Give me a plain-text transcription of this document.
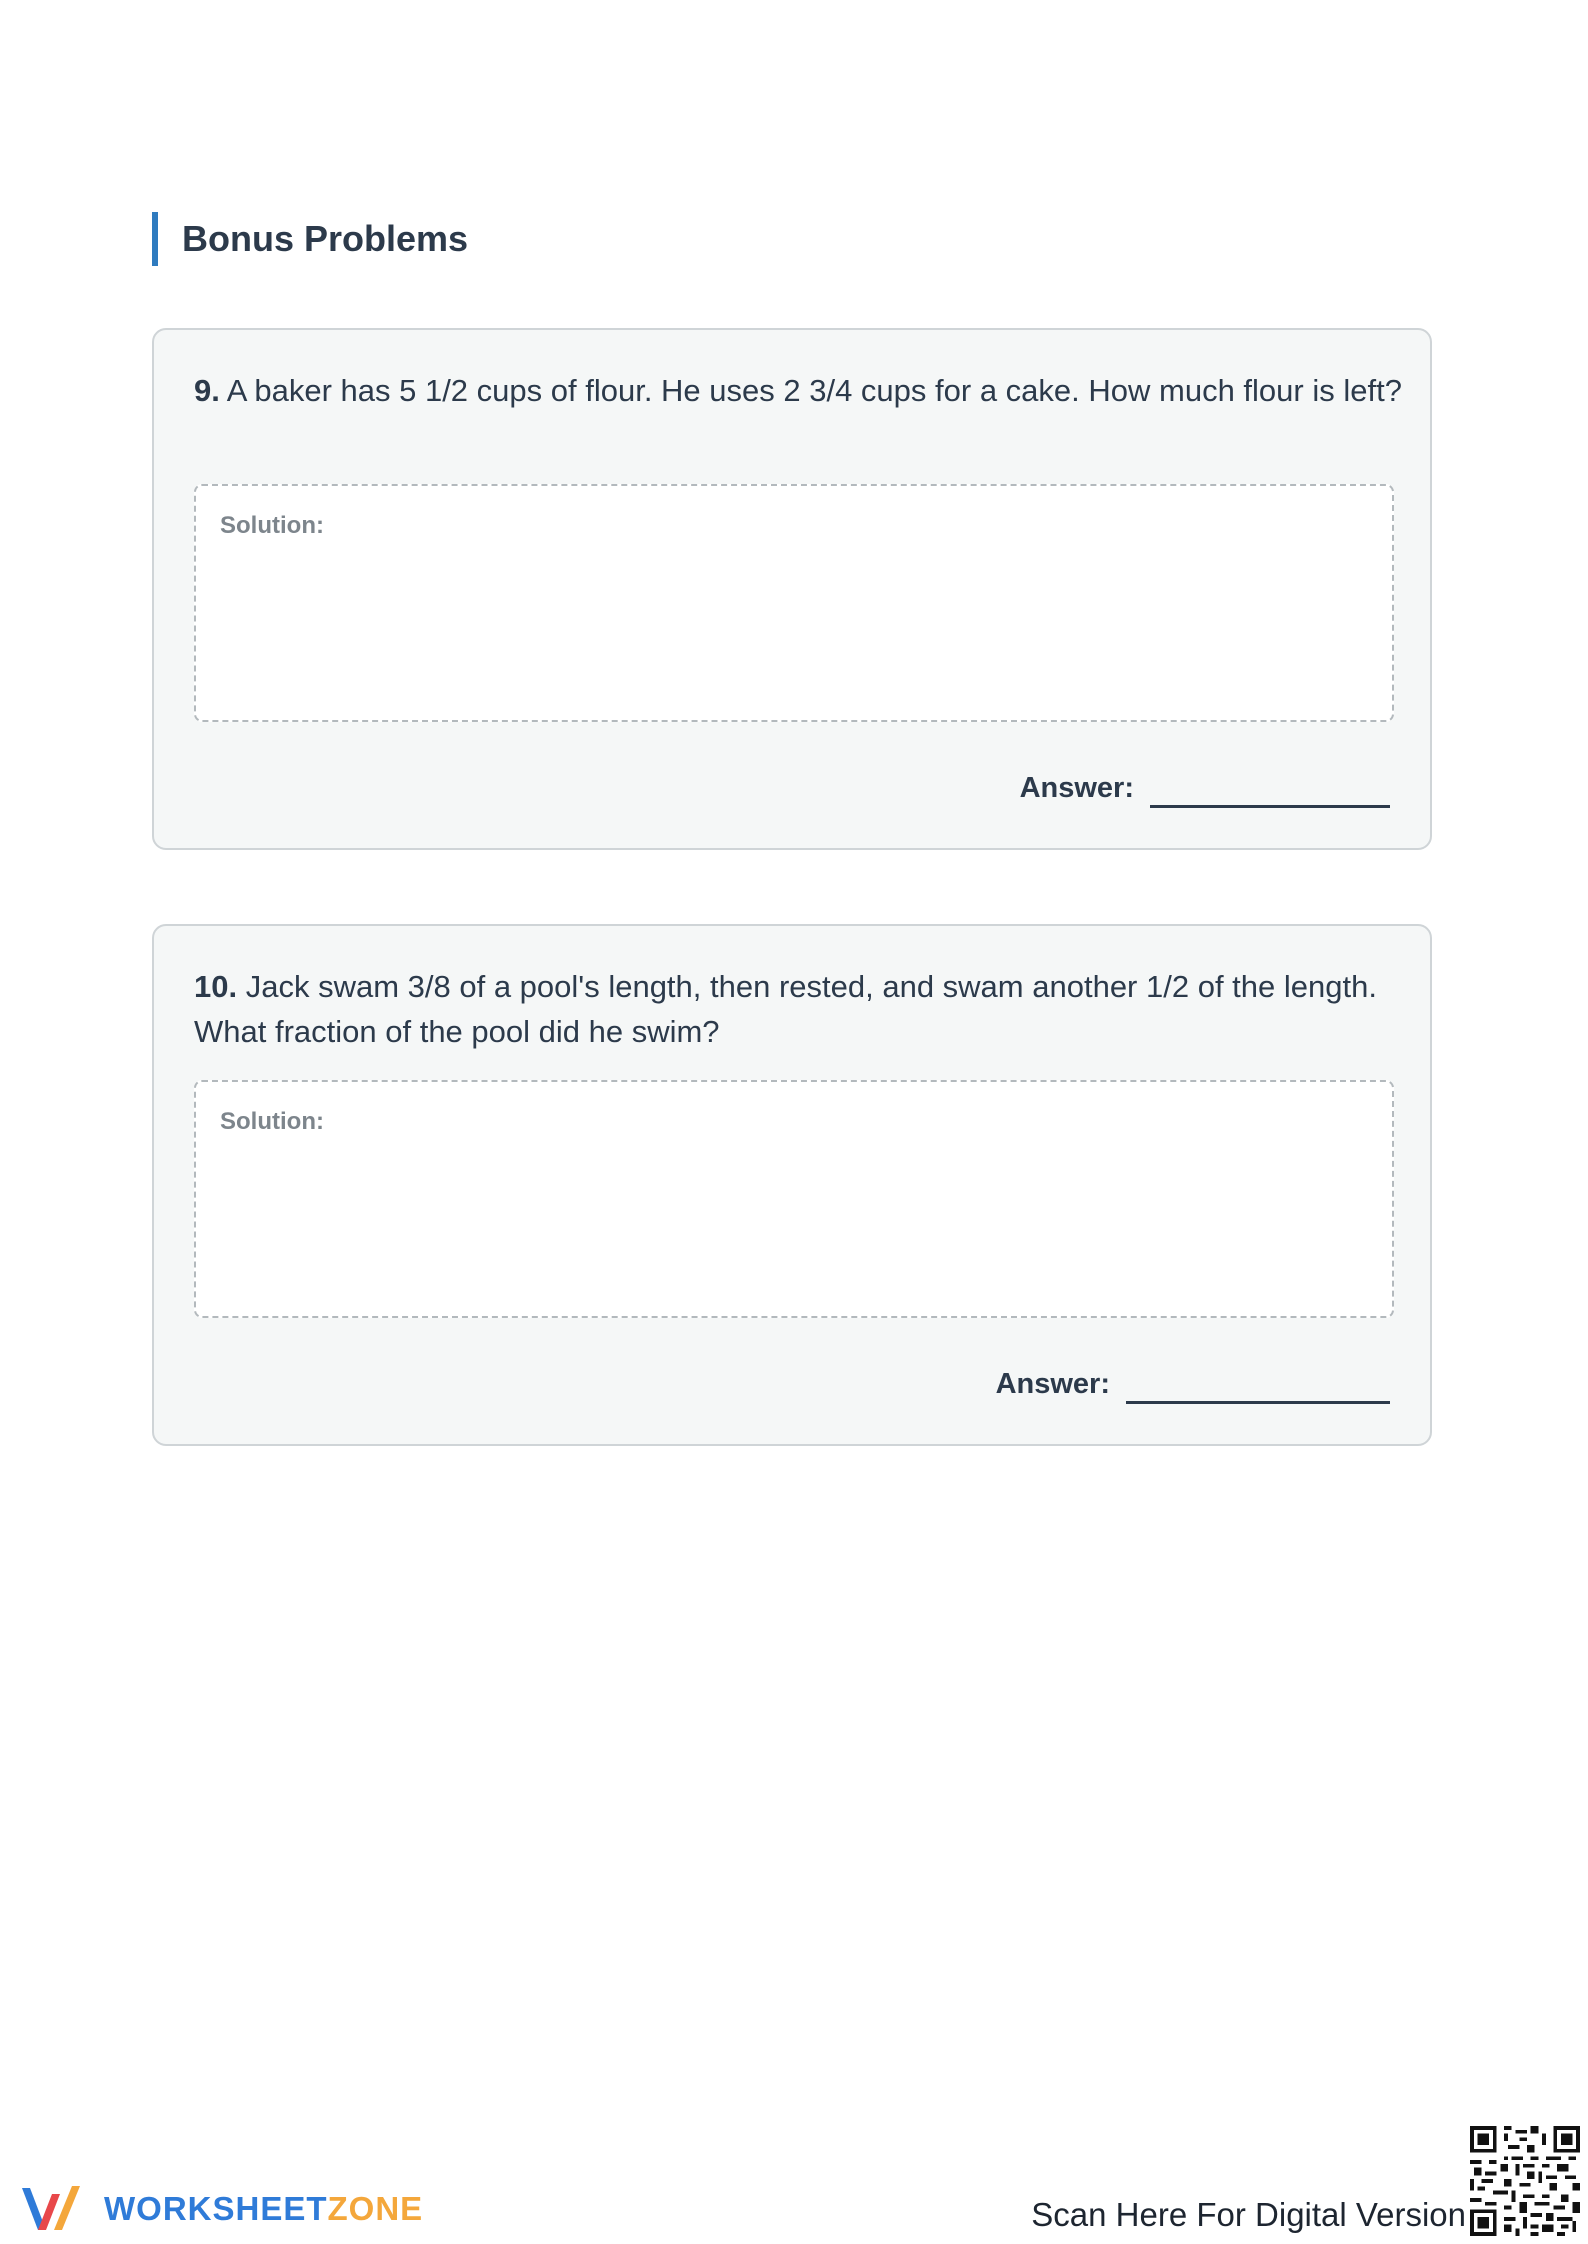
Bonus Problems
9. A baker has 5 1/2 cups of flour. He uses 2 3/4 cups for a cake. How much flour is left?
Solution:
Answer:
10. Jack swam 3/8 of a pool's length, then rested, and swam another 1/2 of the length. What fraction of the pool did he swim?
Solution:
Answer:
WORKSHEETZONE	Scan Here For Digital Version
